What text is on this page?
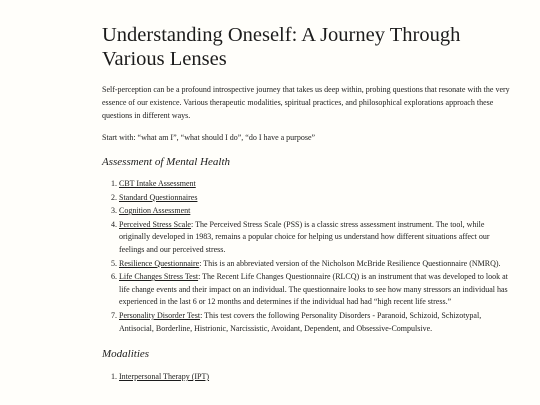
Understanding Oneself: A Journey Through Various Lenses

Self-perception can be a profound introspective journey that takes us deep within, probing questions that resonate with the very essence of our existence. Various therapeutic modalities, spiritual practices, and philosophical explorations approach these questions in different ways.

Start with: “what am I”, “what should I do”, “do I have a purpose”

Assessment of Mental Health
1. CBT Intake Assessment
2. Standard Questionnaires
3. Cognition Assessment
4. Perceived Stress Scale: The Perceived Stress Scale (PSS) is a classic stress assessment instrument. The tool, while originally developed in 1983, remains a popular choice for helping us understand how different situations affect our feelings and our perceived stress.
5. Resilience Questionnaire: This is an abbreviated version of the Nicholson McBride Resilience Questionnaire (NMRQ).
6. Life Changes Stress Test: The Recent Life Changes Questionnaire (RLCQ) is an instrument that was developed to look at life change events and their impact on an individual. The questionnaire looks to see how many stressors an individual has experienced in the last 6 or 12 months and determines if the individual had had “high recent life stress.”
7. Personality Disorder Test: This test covers the following Personality Disorders - Paranoid, Schizoid, Schizotypal, Antisocial, Borderline, Histrionic, Narcissistic, Avoidant, Dependent, and Obsessive-Compulsive.
Modalities
1. Interpersonal Therapy (IPT)
